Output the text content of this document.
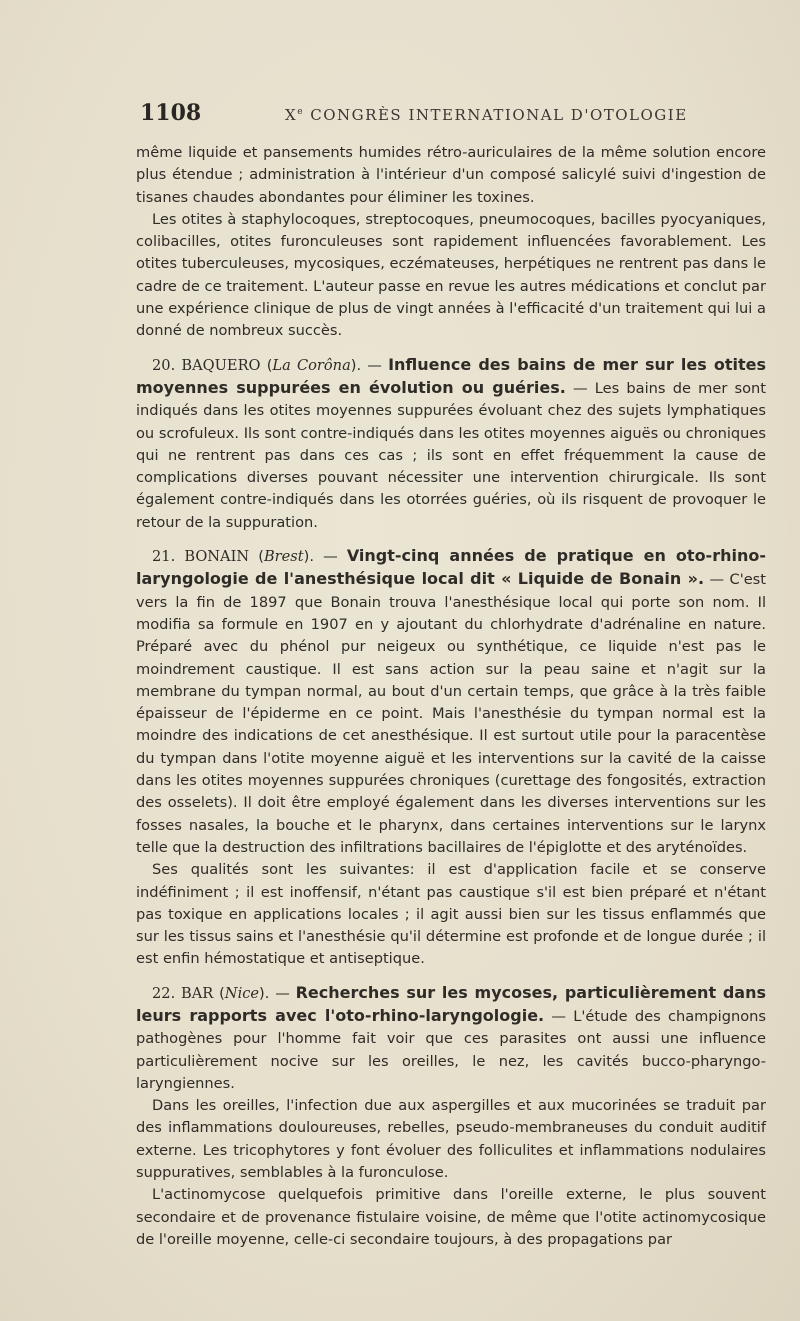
1108	Xe CONGRÈS INTERNATIONAL D'OTOLOGIE

même liquide et pansements humides rétro-auriculaires de la même solution encore plus étendue ; administration à l'intérieur d'un composé salicylé suivi d'ingestion de tisanes chaudes abondantes pour éliminer les toxines.

Les otites à staphylocoques, streptocoques, pneumocoques, bacilles pyocyaniques, colibacilles, otites furonculeuses sont rapidement influencées favorablement. Les otites tuberculeuses, mycosiques, eczémateuses, herpétiques ne rentrent pas dans le cadre de ce traitement. L'auteur passe en revue les autres médications et conclut par une expérience clinique de plus de vingt années à l'efficacité d'un traitement qui lui a donné de nombreux succès.

20. BAQUERO (La Corôna). — Influence des bains de mer sur les otites moyennes suppurées en évolution ou guéries. — Les bains de mer sont indiqués dans les otites moyennes suppurées évoluant chez des sujets lymphatiques ou scrofuleux. Ils sont contre-indiqués dans les otites moyennes aiguës ou chroniques qui ne rentrent pas dans ces cas ; ils sont en effet fréquemment la cause de complications diverses pouvant nécessiter une intervention chirurgicale. Ils sont également contre-indiqués dans les otorrées guéries, où ils risquent de provoquer le retour de la suppuration.

21. BONAIN (Brest). — Vingt-cinq années de pratique en oto-rhino-laryngologie de l'anesthésique local dit « Liquide de Bonain ». — C'est vers la fin de 1897 que Bonain trouva l'anesthésique local qui porte son nom. Il modifia sa formule en 1907 en y ajoutant du chlorhydrate d'adrénaline en nature. Préparé avec du phénol pur neigeux ou synthétique, ce liquide n'est pas le moindrement caustique. Il est sans action sur la peau saine et n'agit sur la membrane du tympan normal, au bout d'un certain temps, que grâce à la très faible épaisseur de l'épiderme en ce point. Mais l'anesthésie du tympan normal est la moindre des indications de cet anesthésique. Il est surtout utile pour la paracentèse du tympan dans l'otite moyenne aiguë et les interventions sur la cavité de la caisse dans les otites moyennes suppurées chroniques (curettage des fongosités, extraction des osselets). Il doit être employé également dans les diverses interventions sur les fosses nasales, la bouche et le pharynx, dans certaines interventions sur le larynx telle que la destruction des infiltrations bacillaires de l'épiglotte et des aryténoïdes.

Ses qualités sont les suivantes: il est d'application facile et se conserve indéfiniment ; il est inoffensif, n'étant pas caustique s'il est bien préparé et n'étant pas toxique en applications locales ; il agit aussi bien sur les tissus enflammés que sur les tissus sains et l'anesthésie qu'il détermine est profonde et de longue durée ; il est enfin hémostatique et antiseptique.

22. BAR (Nice). — Recherches sur les mycoses, particulièrement dans leurs rapports avec l'oto-rhino-laryngologie. — L'étude des champignons pathogènes pour l'homme fait voir que ces parasites ont aussi une influence particulièrement nocive sur les oreilles, le nez, les cavités bucco-pharyngo-laryngiennes.

Dans les oreilles, l'infection due aux aspergilles et aux mucorinées se traduit par des inflammations douloureuses, rebelles, pseudo-membraneuses du conduit auditif externe. Les tricophytores y font évoluer des folliculites et inflammations nodulaires suppuratives, semblables à la furonculose.

L'actinomycose quelquefois primitive dans l'oreille externe, le plus souvent secondaire et de provenance fistulaire voisine, de même que l'otite actinomycosique de l'oreille moyenne, celle-ci secondaire toujours, à des propagations par
